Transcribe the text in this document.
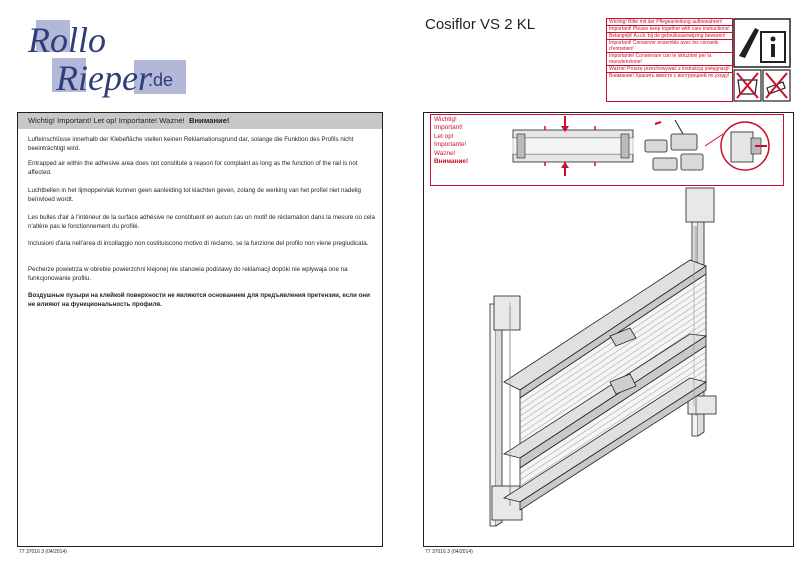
Rollo
Rieper
.de
Cosiflor VS 2 KL	Wichtig! Bitte mit der Pflegeanleitung aufbewahren!
Important! Please keep together with care instructions!
Belangrijk! A.u.b. bij de gebruiksaanwijzing bewaren!
Important! Conserver ensemble avec les conseils d'entretien!
Importante! Conservare con le istruzioni per la manutenzione!
Ważne! Proszę przechowywać z instrukcją pielęgnacji!
Внимание! Хранить вместе с инструкцией по уходу!
Wichtig! Important! Let op! Importante! Wazne! Внимание!

Lufteinschlüsse innerhalb der Klebefläche stellen keinen Reklamationsgrund dar, solange die Funktion des Profils nicht beeinträchtigt wird.

Entrapped air within the adhesive area does not constitute a reason for complaint as long as the function of the rail is not affected.

Luchtbellen in het lijmoppervlak kunnen geen aanleiding tot klachten geven, zolang de werking van het profiel niet nadelig beïnvloed wordt.

Les bulles d'air à l'intérieur de la surface adhésive ne constituent en aucun cas un motif de réclamation dans la mesure où cela n'altère pas le fonctionnement du profilé.

Inclusioni d'aria nell'area di incollaggio non costituiscono motivo di reclamo, se la funzione del profilo non viene pregiudicata.

Pecherze powietrza w obrebie powierzchni klejonej nie stanowia podstawy do reklamacji dopóki nie wplywaja one na funkcjonowanie profilu.

Воздушные пузыри на клейкой поверхности не являются основанием для предъявления претензии, если они не влияют на функциональность профиля.

77 37016 3 (04/2014)
Wichtig!
Important!
Let op!
Importante!
Wazne!
Внимание!
77 37016 3 (04/2014)
